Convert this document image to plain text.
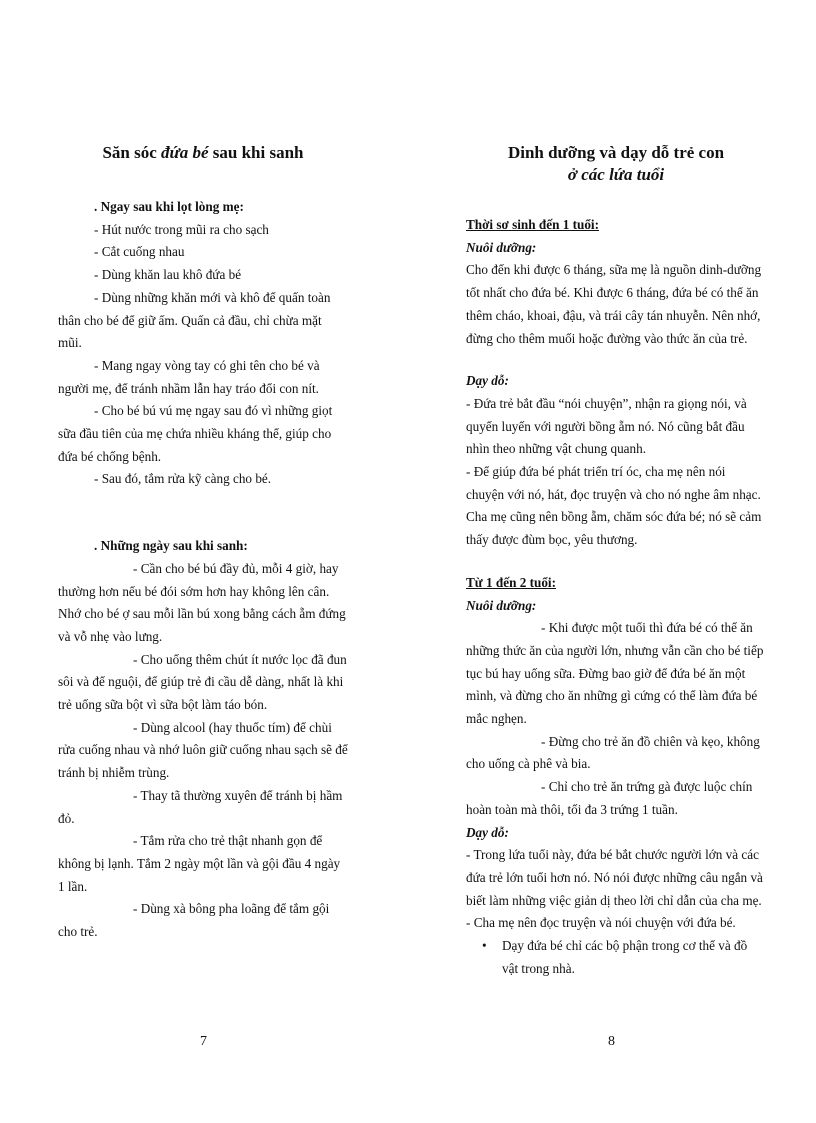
Săn sóc đứa bé sau khi sanh

. Ngay sau khi lọt lòng mẹ:

- Hút nước trong mũi ra cho sạch

- Cắt cuống nhau

- Dùng khăn lau khô đứa bé

- Dùng những khăn mới và khô để quấn toàn thân cho bé để giữ ấm. Quấn cả đầu, chỉ chừa mặt mũi.

- Mang ngay vòng tay có ghi tên cho bé và người mẹ, để tránh nhầm lẫn hay tráo đổi con nít.

- Cho bé bú vú mẹ ngay sau đó vì những giọt sữa đầu tiên của mẹ chứa nhiều kháng thể, giúp cho đứa bé chống bệnh.

- Sau đó, tắm rửa kỹ càng cho bé.

. Những ngày sau khi sanh:

- Cần cho bé bú đầy đủ, mỗi 4 giờ, hay thường hơn nếu bé đói sớm hơn hay không lên cân. Nhớ cho bé ợ sau mỗi lần bú xong bằng cách ẵm đứng và vỗ nhẹ vào lưng.

- Cho uống thêm chút ít nước lọc đã đun sôi và để nguội, để giúp trẻ đi cầu dễ dàng, nhất là khi trẻ uống sữa bột vì sữa bột làm táo bón.

- Dùng alcool (hay thuốc tím) để chùi rửa cuống nhau và nhớ luôn giữ cuống nhau sạch sẽ để tránh bị nhiễm trùng.

- Thay tã thường xuyên để tránh bị hầm đỏ.

- Tắm rửa cho trẻ thật nhanh gọn để không bị lạnh. Tắm 2 ngày một lần và gội đầu 4 ngày 1 lần.

- Dùng xà bông pha loãng để tắm gội cho trẻ.

Dinh dưỡng và dạy dỗ trẻ con
ở các lứa tuổi

Thời sơ sinh đến 1 tuổi:

Nuôi dưỡng:

Cho đến khi được 6 tháng, sữa mẹ là nguồn dinh-dưỡng tốt nhất cho đứa bé. Khi được 6 tháng, đứa bé có thể ăn thêm cháo, khoai, đậu, và trái cây tán nhuyễn. Nên nhớ, đừng cho thêm muối hoặc đường vào thức ăn của trẻ.

Dạy dỗ:

- Đứa trẻ bắt đầu “nói chuyện”, nhận ra giọng nói, và quyến luyến với người bồng ẵm nó. Nó cũng bắt đầu nhìn theo những vật chung quanh.

- Để giúp đứa bé phát triển trí óc, cha mẹ nên nói chuyện với nó, hát, đọc truyện và cho nó nghe âm nhạc. Cha mẹ cũng nên bồng ẵm, chăm sóc đứa bé; nó sẽ cảm thấy được đùm bọc, yêu thương.

Từ 1 đến 2 tuổi:

Nuôi dưỡng:

- Khi được một tuổi thì đứa bé có thể ăn những thức ăn của người lớn, nhưng vẫn cần cho bé tiếp tục bú hay uống sữa. Đừng bao giờ để đứa bé ăn một mình, và đừng cho ăn những gì cứng có thể làm đứa bé mắc nghẹn.

- Đừng cho trẻ ăn đồ chiên và kẹo, không cho uống cà phê và bia.

- Chỉ cho trẻ ăn trứng gà được luộc chín hoàn toàn mà thôi, tối đa 3 trứng 1 tuần.

Dạy dỗ:

- Trong lứa tuổi này, đứa bé bắt chước người lớn và các đứa trẻ lớn tuổi hơn nó. Nó nói được những câu ngắn và biết làm những việc giản dị theo lời chỉ dẫn của cha mẹ.

- Cha mẹ nên đọc truyện và nói chuyện với đứa bé.

• Dạy đứa bé chỉ các bộ phận trong cơ thể và đồ vật trong nhà.
7	8
